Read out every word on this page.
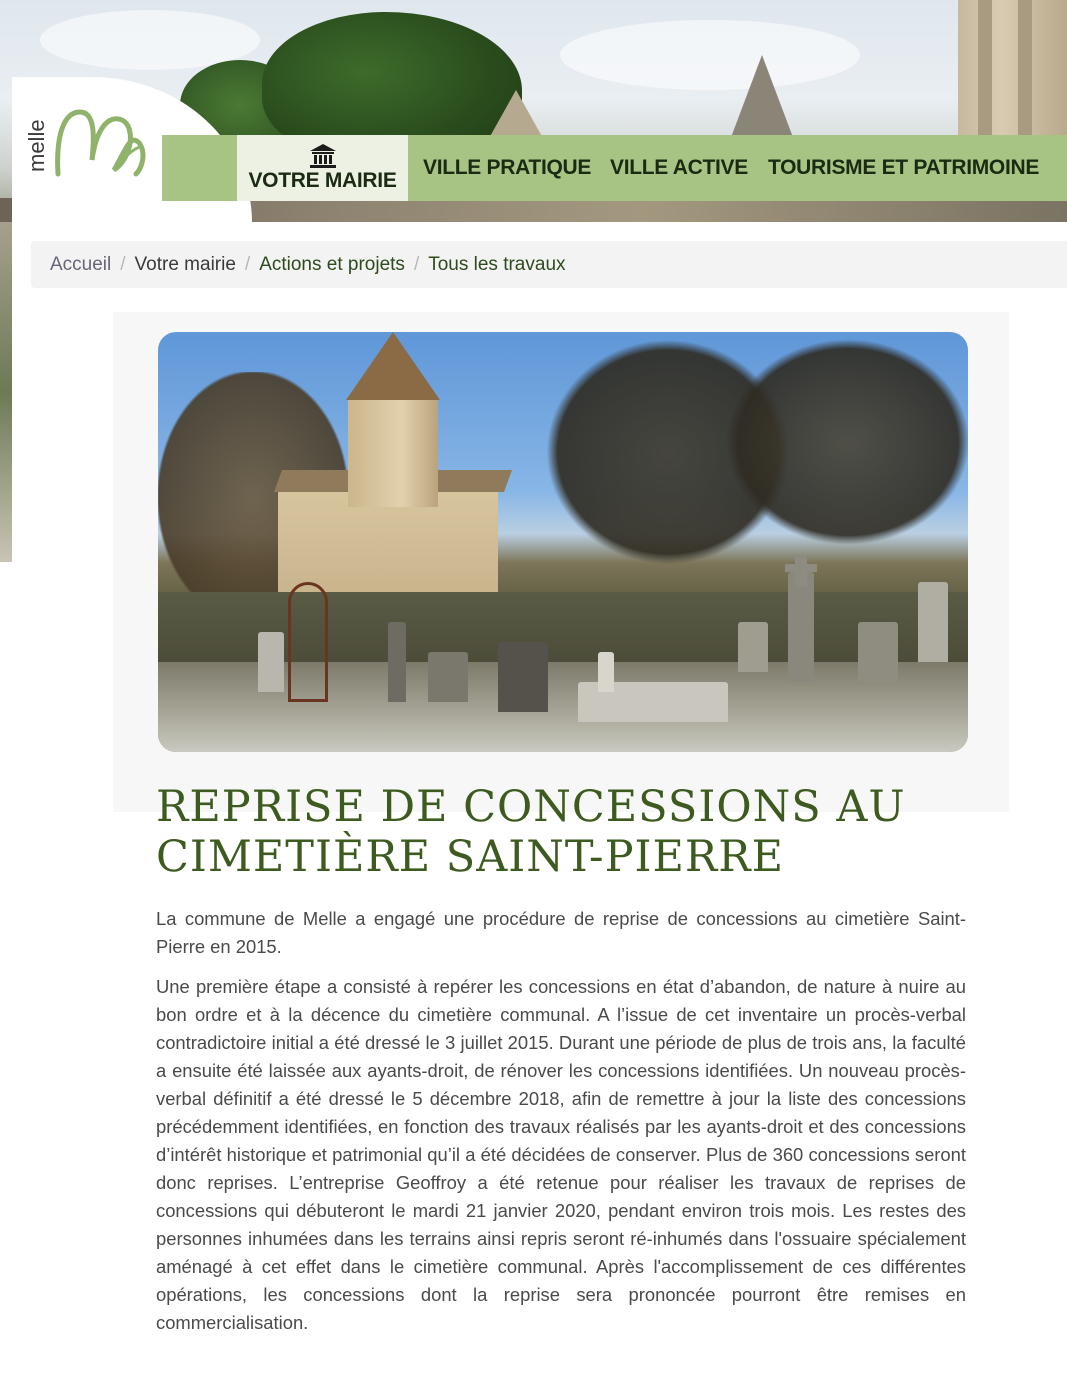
melle
VOTRE MAIRIE
VILLE PRATIQUE VILLE ACTIVE TOURISME ET PATRIMOINE
Accueil / Votre mairie / Actions et projets / Tous les travaux
REPRISE DE CONCESSIONS AU
CIMETIÈRE SAINT-PIERRE

La commune de Melle a engagé une procédure de reprise de concessions au cimetière Saint-Pierre en 2015.

Une première étape a consisté à repérer les concessions en état d’abandon, de nature à nuire au bon ordre et à la décence du cimetière communal. A l’issue de cet inventaire un procès-verbal contradictoire initial a été dressé le 3 juillet 2015. Durant une période de plus de trois ans, la faculté a ensuite été laissée aux ayants-droit, de rénover les concessions identifiées. Un nouveau procès-verbal définitif a été dressé le 5 décembre 2018, afin de remettre à jour la liste des concessions précédemment identifiées, en fonction des travaux réalisés par les ayants-droit et des concessions d’intérêt historique et patrimonial qu’il a été décidées de conserver. Plus de 360 concessions seront donc reprises. L’entreprise Geoffroy a été retenue pour réaliser les travaux de reprises de concessions qui débuteront le mardi 21 janvier 2020, pendant environ trois mois. Les restes des personnes inhumées dans les terrains ainsi repris seront ré-inhumés dans l'ossuaire spécialement aménagé à cet effet dans le cimetière communal. Après l'accomplissement de ces différentes opérations, les concessions dont la reprise sera prononcée pourront être remises en commercialisation.
